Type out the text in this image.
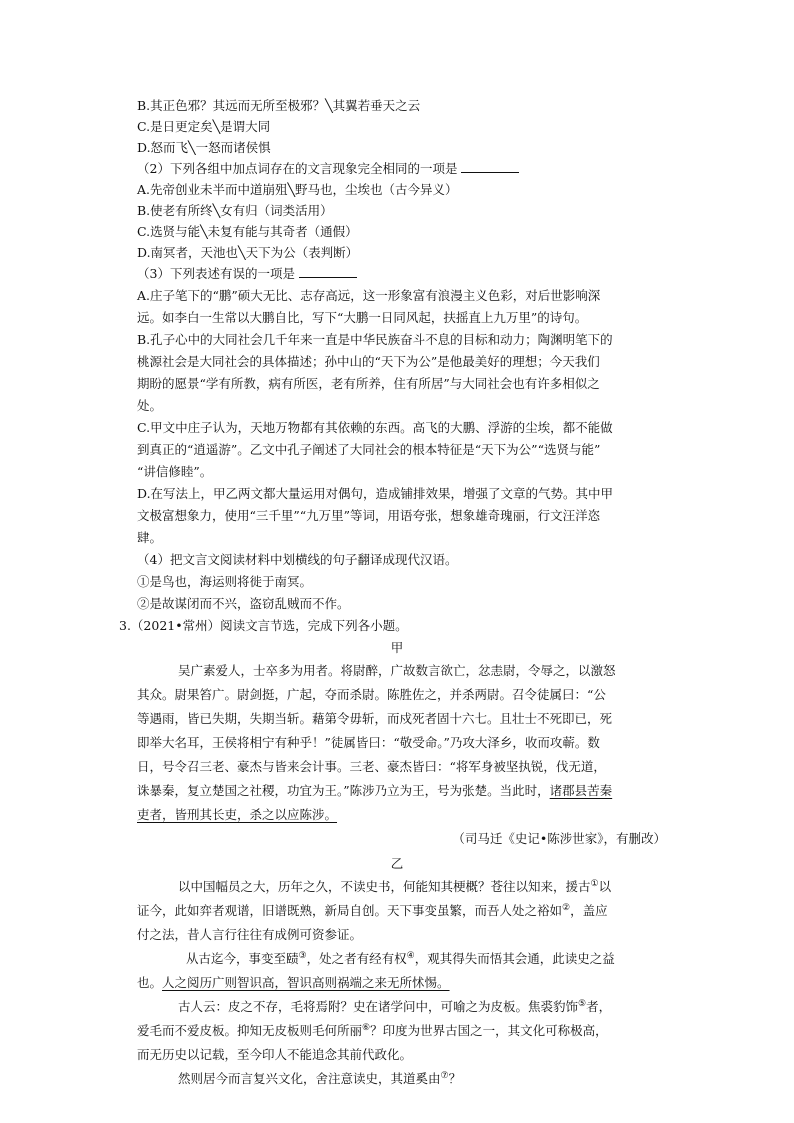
B.其正色邪？其远而无所至极邪？╲其翼若垂天之云
C.是日更定矣╲是谓大同
D.怒而飞╲一怒而诸侯惧
（2）下列各组中加点词存在的文言现象完全相同的一项是
A.先帝创业未半而中道崩殂╲野马也，尘埃也（古今异义）
B.使老有所终╲女有归（词类活用）
C.选贤与能╲未复有能与其奇者（通假）
D.南冥者，天池也╲天下为公（表判断）
（3）下列表述有误的一项是
A.庄子笔下的“鹏”硕大无比、志存高远，这一形象富有浪漫主义色彩，对后世影响深
远。如李白一生常以大鹏自比，写下“大鹏一日同风起，扶摇直上九万里”的诗句。
B.孔子心中的大同社会几千年来一直是中华民族奋斗不息的目标和动力；陶渊明笔下的
桃源社会是大同社会的具体描述；孙中山的“天下为公”是他最美好的理想；今天我们
期盼的愿景“学有所教，病有所医，老有所养，住有所居”与大同社会也有许多相似之
处。
C.甲文中庄子认为，天地万物都有其依赖的东西。高飞的大鹏、浮游的尘埃，都不能做
到真正的“逍遥游”。乙文中孔子阐述了大同社会的根本特征是“天下为公”“选贤与能”
“讲信修睦”。
D.在写法上，甲乙两文都大量运用对偶句，造成铺排效果，增强了文章的气势。其中甲
文极富想象力，使用“三千里”“九万里”等词，用语夸张，想象雄奇瑰丽，行文汪洋恣
肆。
（4）把文言文阅读材料中划横线的句子翻译成现代汉语。
①是鸟也，海运则将徙于南冥。
②是故谋闭而不兴，盗窃乱贼而不作。
3.（2021•常州）阅读文言节选，完成下列各小题。
甲
吴广素爱人，士卒多为用者。将尉醉，广故数言欲亡，忿恚尉，令辱之，以激怒
其众。尉果笞广。尉剑挺，广起，夺而杀尉。陈胜佐之，并杀两尉。召令徒属曰：“公
等遇雨，皆已失期，失期当斩。藉第令毋斩，而戍死者固十六七。且壮士不死即已，死
即举大名耳，王侯将相宁有种乎！”徒属皆曰：“敬受命。”乃攻大泽乡，收而攻蕲。数
日，号令召三老、豪杰与皆来会计事。三老、豪杰皆曰：“将军身被坚执锐，伐无道，
诛暴秦，复立楚国之社稷，功宜为王。”陈涉乃立为王，号为张楚。当此时，诸郡县苦秦
吏者，皆刑其长吏，杀之以应陈涉。
（司马迁《史记•陈涉世家》，有删改）
乙
以中国幅员之大，历年之久，不读史书，何能知其梗概？苍往以知来，援古①以
证今，此如弈者观谱，旧谱既熟，新局自创。天下事变虽繁，而吾人处之裕如②，盖应
付之法，昔人言行往往有成例可资参证。
从古迄今，事变至赜③，处之者有经有权④，观其得失而悟其会通，此读史之益
也。人之阅历广则智识高，智识高则祸端之来无所怵惕。
古人云：皮之不存，毛将焉附？史在诸学问中，可喻之为皮板。焦裘豹饰⑤者，
爱毛而不爱皮板。抑知无皮板则毛何所丽⑥？印度为世界古国之一，其文化可称极高，
而无历史以记载，至今印人不能追念其前代政化。
然则居今而言复兴文化，舍注意读史，其道奚由⑦？
